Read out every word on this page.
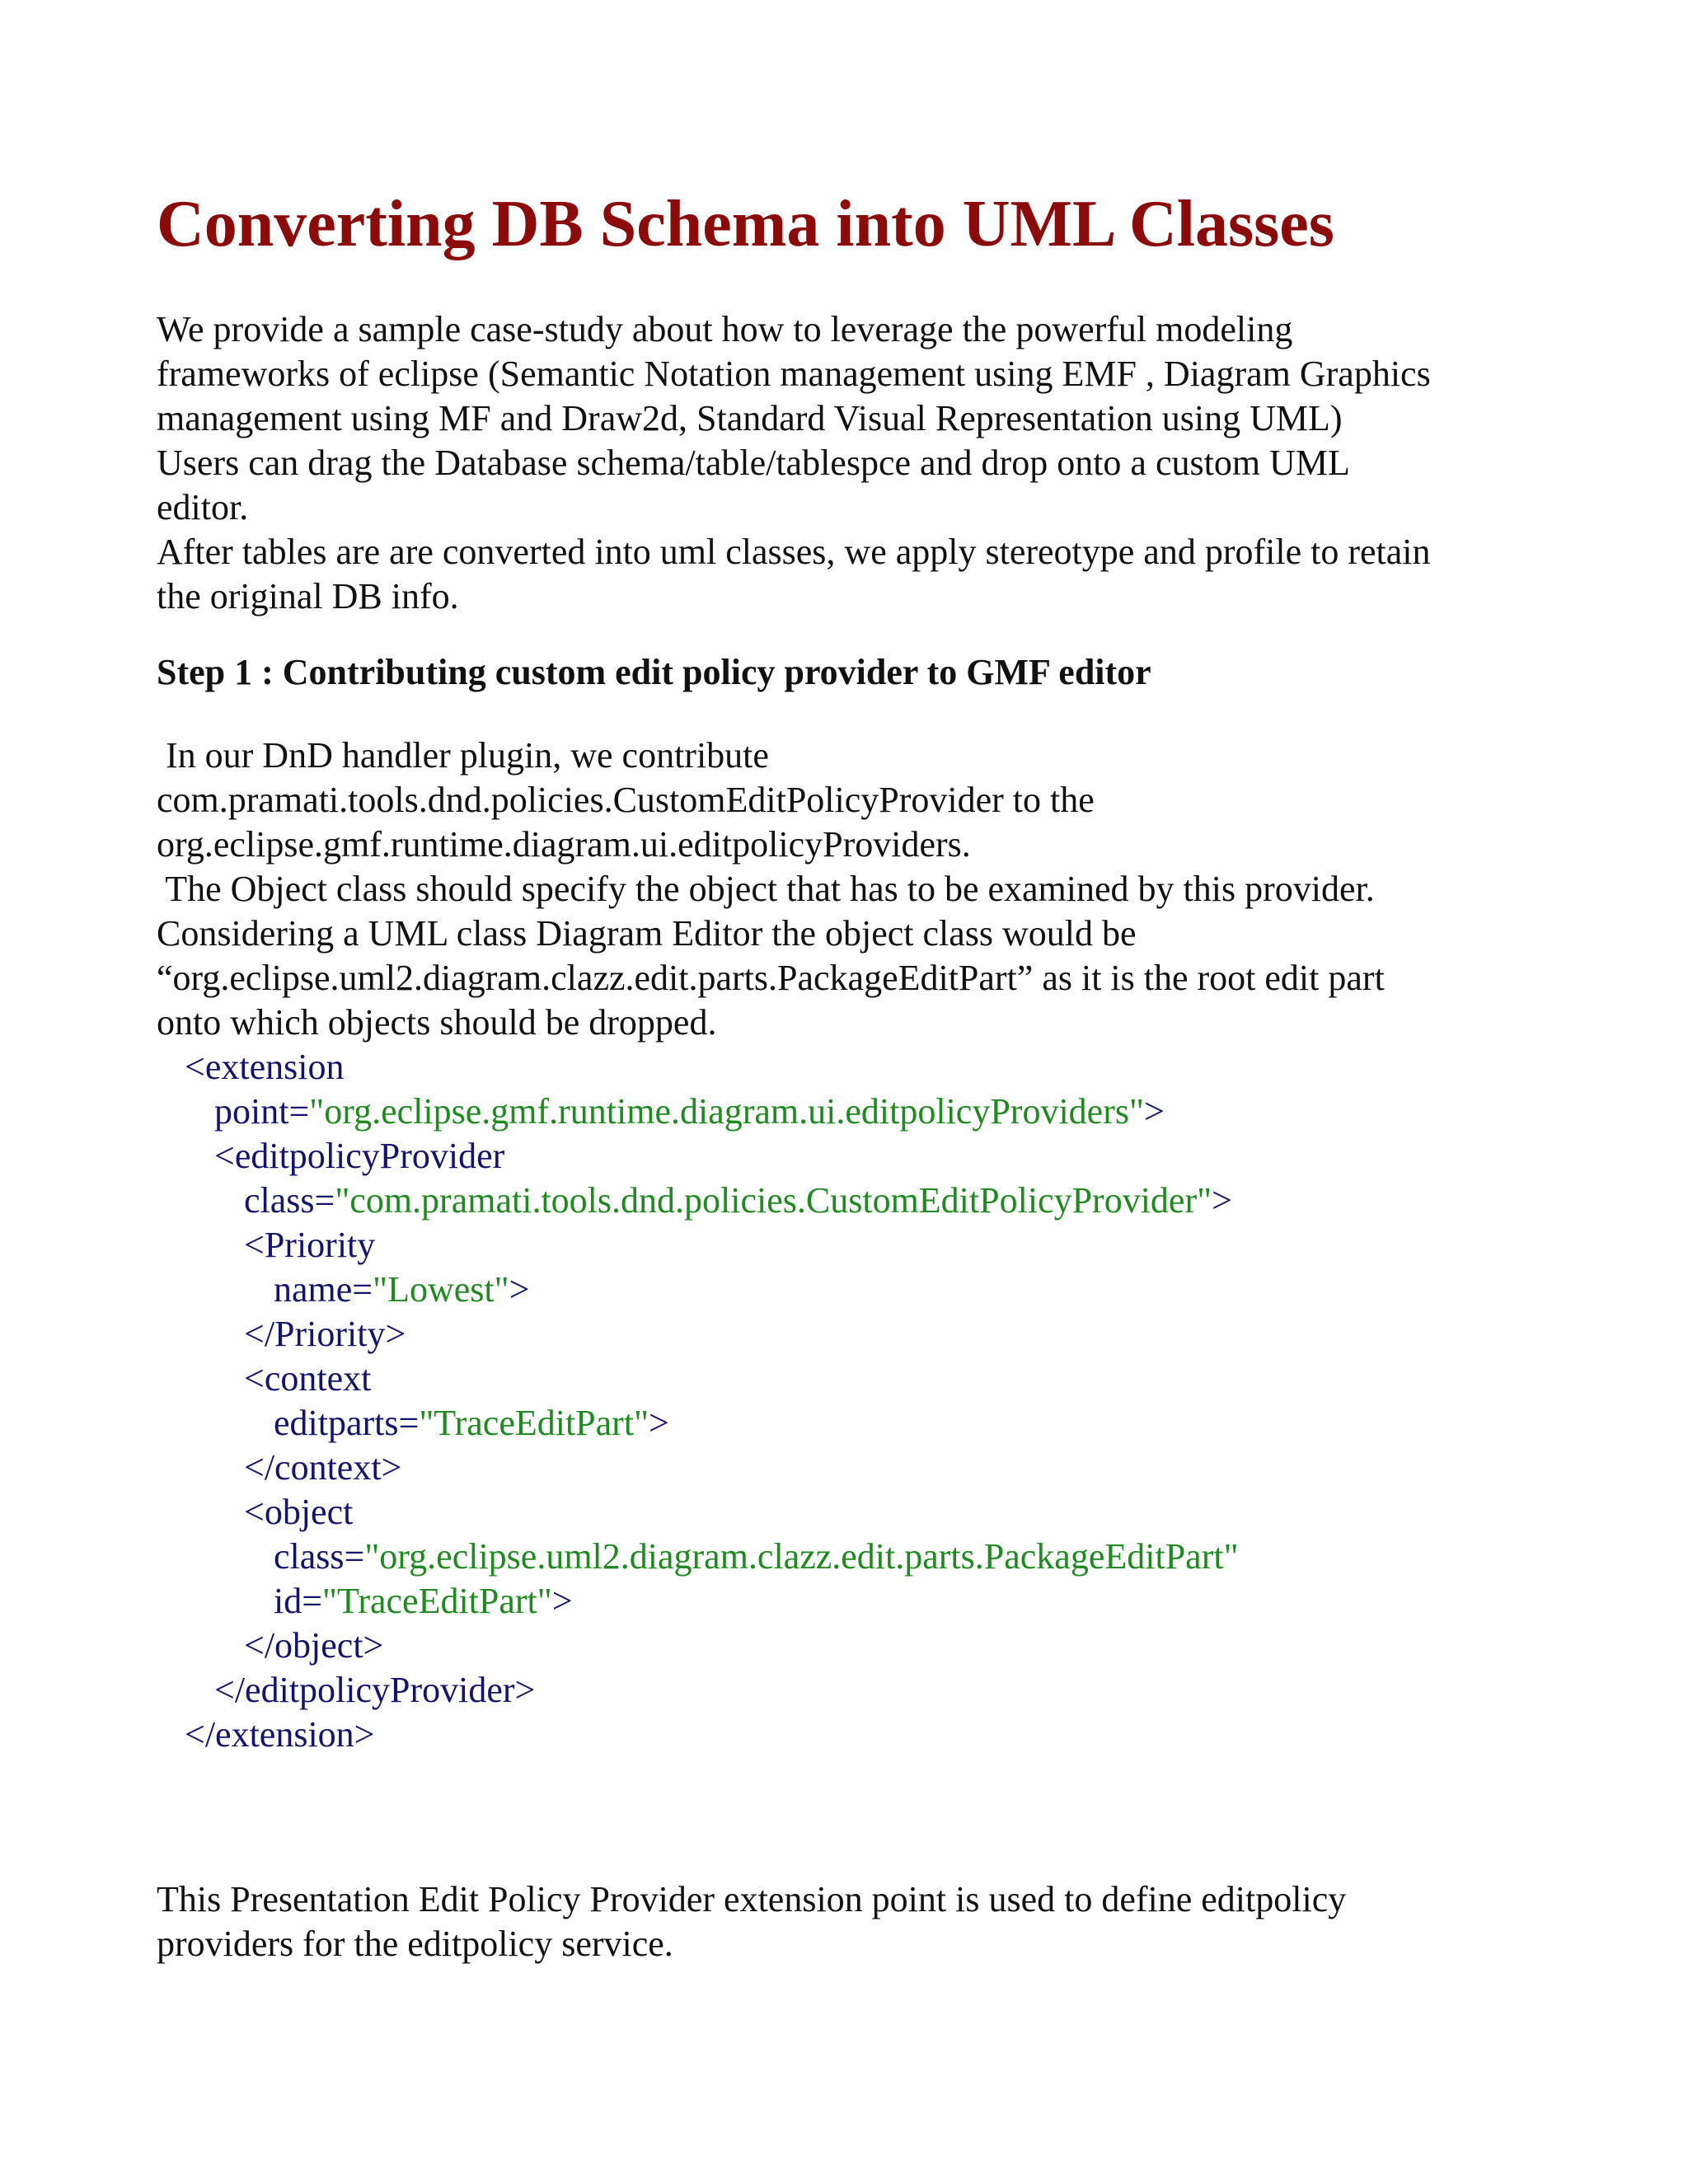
Converting DB Schema into UML Classes

We provide a sample case-study about how to leverage the powerful modeling
frameworks of eclipse (Semantic Notation management using EMF , Diagram Graphics
management using MF and Draw2d, Standard Visual Representation using UML)
Users can drag the Database schema/table/tablespce and drop onto a custom UML
editor.
After tables are are converted into uml classes, we apply stereotype and profile to retain
the original DB info.

Step 1 : Contributing custom edit policy provider to GMF editor

In our DnD handler plugin, we contribute
com.pramati.tools.dnd.policies.CustomEditPolicyProvider to the
org.eclipse.gmf.runtime.diagram.ui.editpolicyProviders.
The Object class should specify the object that has to be examined by this provider.
Considering a UML class Diagram Editor the object class would be
“org.eclipse.uml2.diagram.clazz.edit.parts.PackageEditPart” as it is the root edit part
onto which objects should be dropped.

<extension
point="org.eclipse.gmf.runtime.diagram.ui.editpolicyProviders">
<editpolicyProvider
class="com.pramati.tools.dnd.policies.CustomEditPolicyProvider">
<Priority
name="Lowest">
</Priority>
<context
editparts="TraceEditPart">
</context>
<object
class="org.eclipse.uml2.diagram.clazz.edit.parts.PackageEditPart"
id="TraceEditPart">
</object>
</editpolicyProvider>
</extension>

This Presentation Edit Policy Provider extension point is used to define editpolicy
providers for the editpolicy service.
